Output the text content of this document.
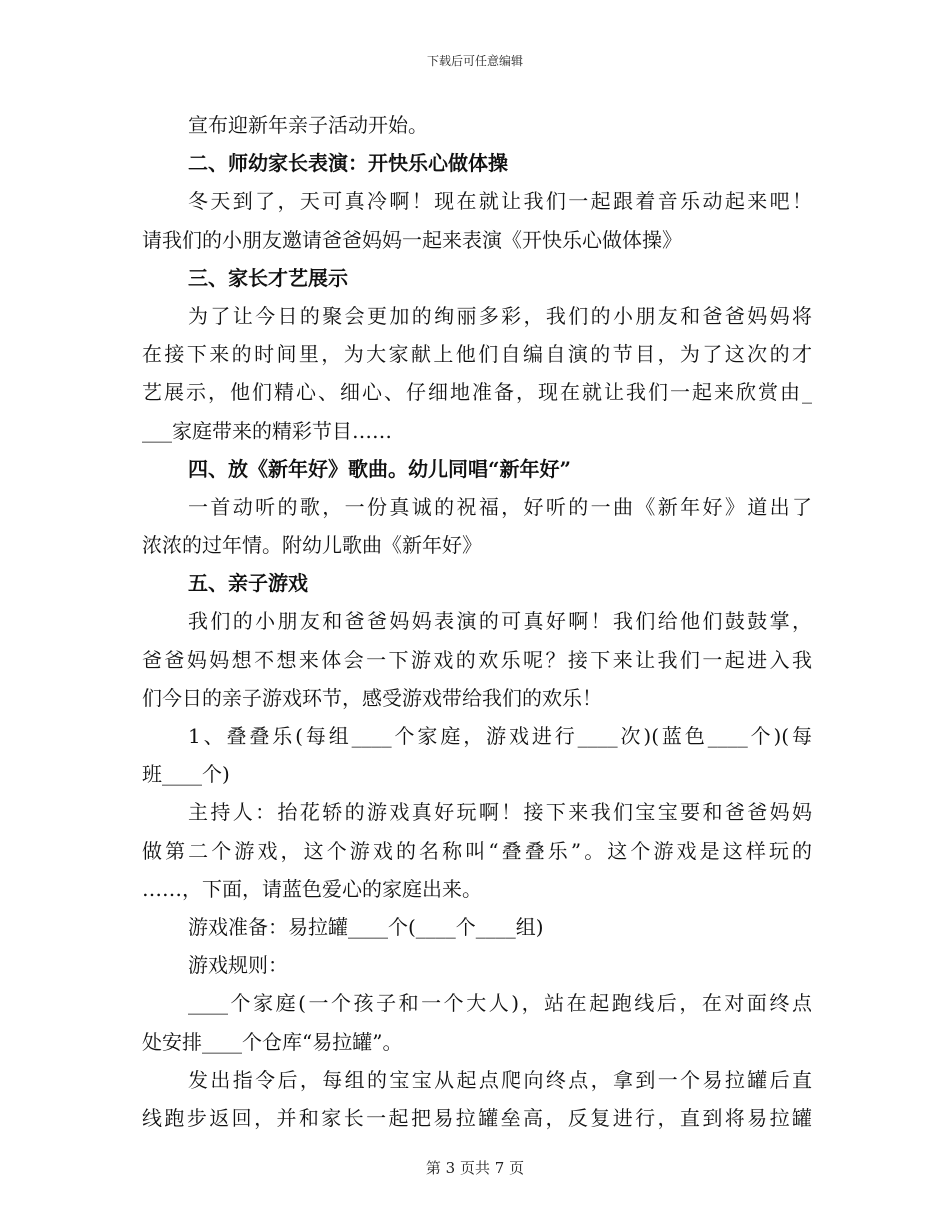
下载后可任意编辑
宣布迎新年亲子活动开始。
二、师幼家长表演：开快乐心做体操
冬天到了，天可真冷啊！现在就让我们一起跟着音乐动起来吧！
请我们的小朋友邀请爸爸妈妈一起来表演《开快乐心做体操》
三、家长才艺展示
为了让今日的聚会更加的绚丽多彩，我们的小朋友和爸爸妈妈将
在接下来的时间里，为大家献上他们自编自演的节目，为了这次的才
艺展示，他们精心、细心、仔细地准备，现在就让我们一起来欣赏由_
___家庭带来的精彩节目……
四、放《新年好》歌曲。幼儿同唱“新年好”
一首动听的歌，一份真诚的祝福，好听的一曲《新年好》道出了
浓浓的过年情。附幼儿歌曲《新年好》
五、亲子游戏
我们的小朋友和爸爸妈妈表演的可真好啊！我们给他们鼓鼓掌，
爸爸妈妈想不想来体会一下游戏的欢乐呢？接下来让我们一起进入我
们今日的亲子游戏环节，感受游戏带给我们的欢乐！
1、叠叠乐(每组____个家庭，游戏进行____次)(蓝色____个)(每
班____个)
主持人：抬花轿的游戏真好玩啊！接下来我们宝宝要和爸爸妈妈
做第二个游戏，这个游戏的名称叫“叠叠乐”。这个游戏是这样玩的
……，下面，请蓝色爱心的家庭出来。
游戏准备：易拉罐____个(____个____组)
游戏规则：
____个家庭(一个孩子和一个大人)，站在起跑线后，在对面终点
处安排____个仓库“易拉罐”。
发出指令后，每组的宝宝从起点爬向终点，拿到一个易拉罐后直
线跑步返回，并和家长一起把易拉罐垒高，反复进行，直到将易拉罐
第 3 页共 7 页
